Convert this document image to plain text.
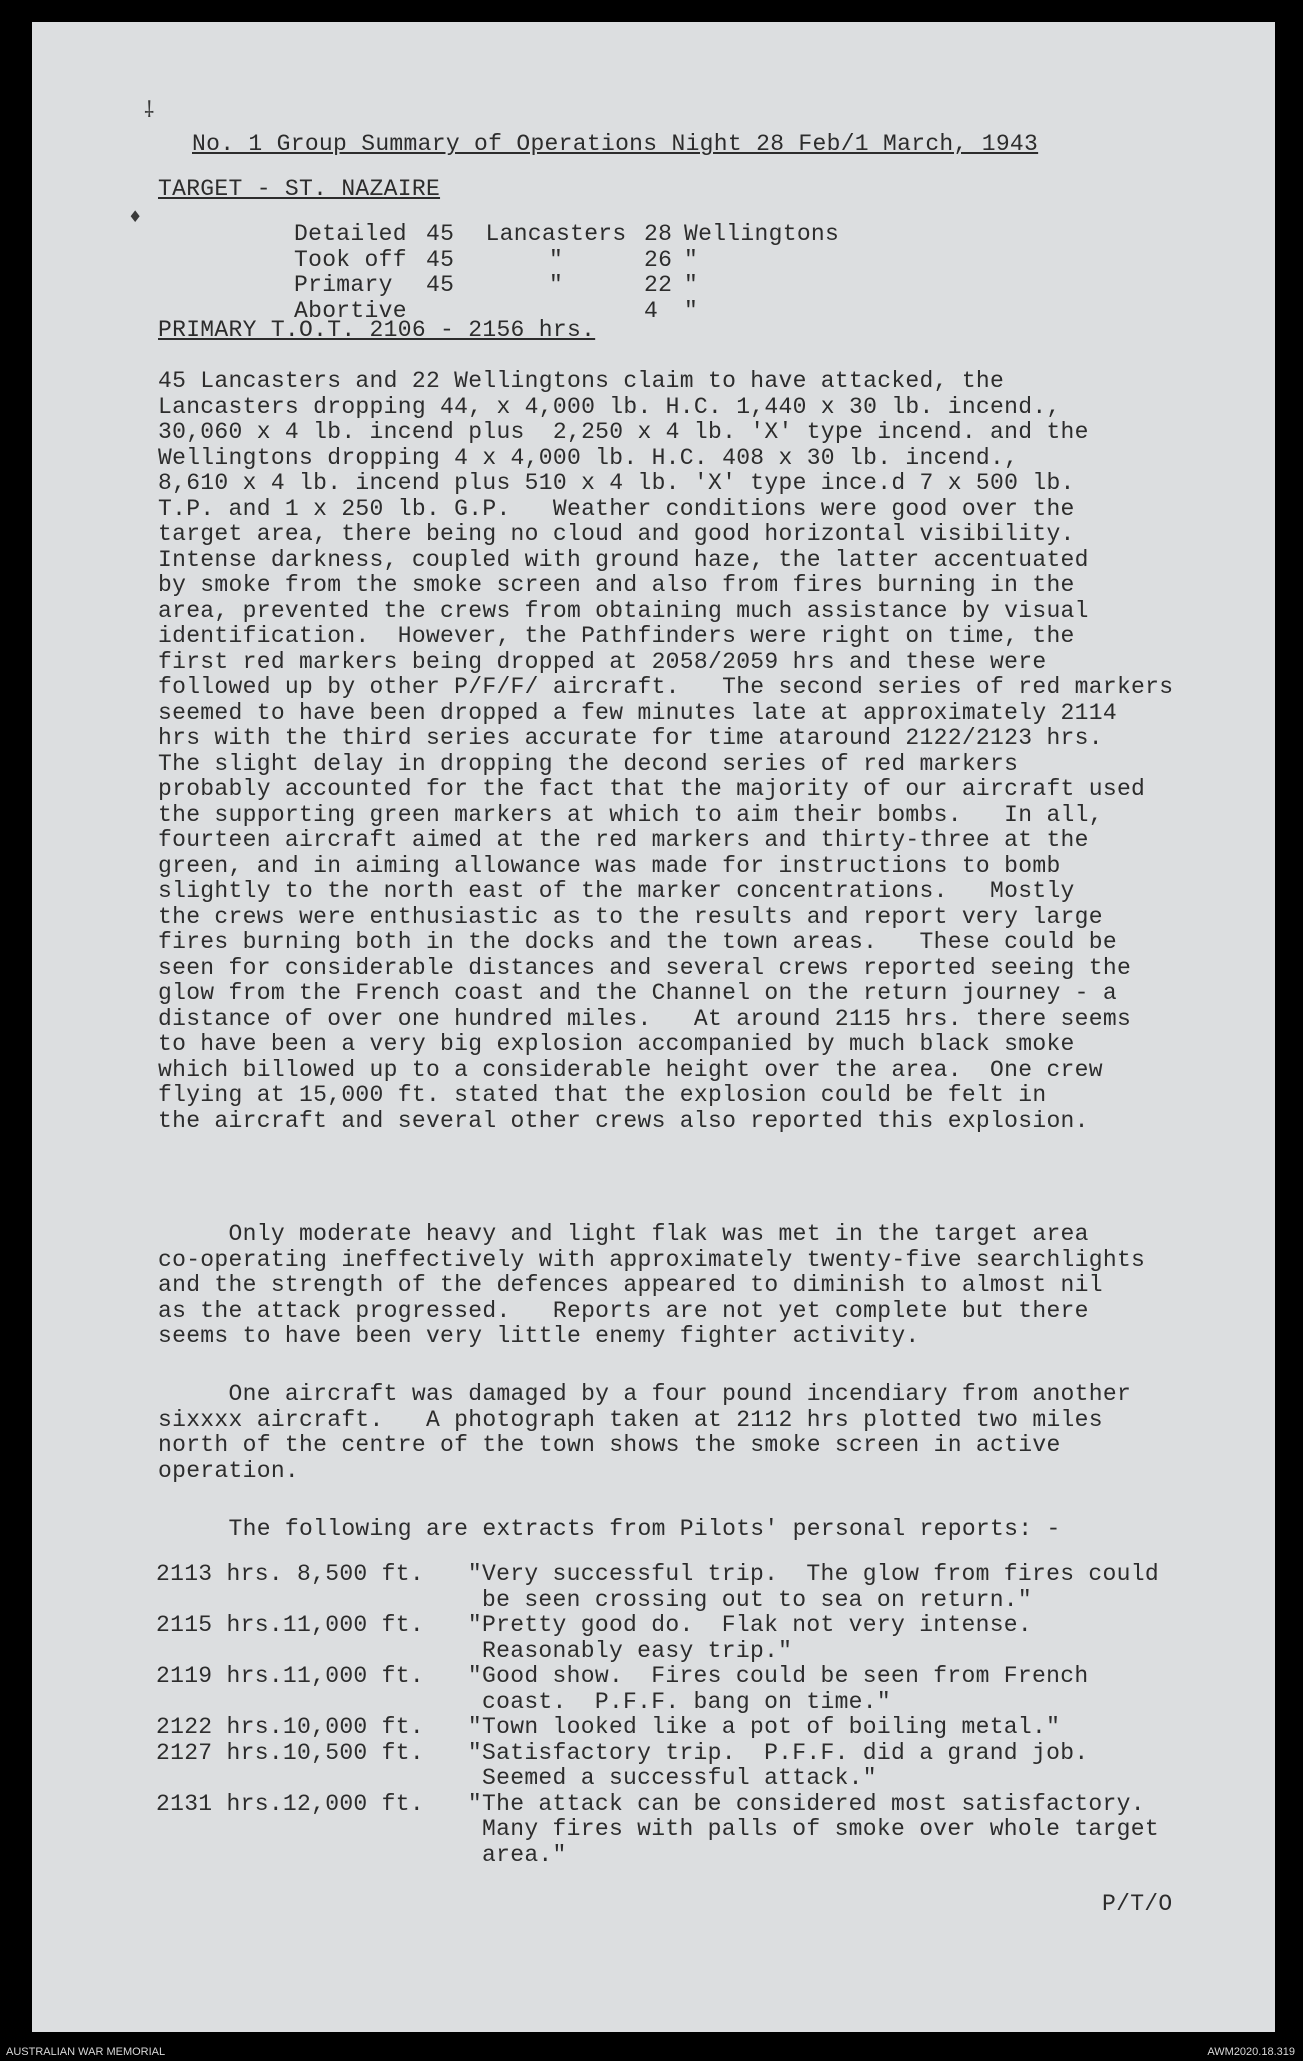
⸸
♦
No. 1 Group Summary of Operations Night 28 Feb/1 March, 1943
TARGET - ST. NAZAIRE
Detailed	45	Lancasters	28	Wellingtons
Took off	45	"	26	"
Primary	45	"	22	"
Abortive			4	"
PRIMARY T.O.T. 2106 - 2156 hrs.

45 Lancasters and 22 Wellingtons claim to have attacked, the
Lancasters dropping 44, x 4,000 lb. H.C. 1,440 x 30 lb. incend.,
30,060 x 4 lb. incend plus  2,250 x 4 lb. 'X' type incend. and the
Wellingtons dropping 4 x 4,000 lb. H.C. 408 x 30 lb. incend.,
8,610 x 4 lb. incend plus 510 x 4 lb. 'X' type ince.d 7 x 500 lb.
T.P. and 1 x 250 lb. G.P.   Weather conditions were good over the
target area, there being no cloud and good horizontal visibility.
Intense darkness, coupled with ground haze, the latter accentuated
by smoke from the smoke screen and also from fires burning in the
area, prevented the crews from obtaining much assistance by visual
identification.  However, the Pathfinders were right on time, the
first red markers being dropped at 2058/2059 hrs and these were
followed up by other P/F/F/ aircraft.   The second series of red markers
seemed to have been dropped a few minutes late at approximately 2114
hrs with the third series accurate for time ataround 2122/2123 hrs.
The slight delay in dropping the decond series of red markers
probably accounted for the fact that the majority of our aircraft used
the supporting green markers at which to aim their bombs.   In all,
fourteen aircraft aimed at the red markers and thirty-three at the
green, and in aiming allowance was made for instructions to bomb
slightly to the north east of the marker concentrations.   Mostly
the crews were enthusiastic as to the results and report very large
fires burning both in the docks and the town areas.   These could be
seen for considerable distances and several crews reported seeing the
glow from the French coast and the Channel on the return journey - a
distance of over one hundred miles.   At around 2115 hrs. there seems
to have been a very big explosion accompanied by much black smoke
which billowed up to a considerable height over the area.  One crew
flying at 15,000 ft. stated that the explosion could be felt in
the aircraft and several other crews also reported this explosion.

Only moderate heavy and light flak was met in the target area
co-operating ineffectively with approximately twenty-five searchlights
and the strength of the defences appeared to diminish to almost nil
as the attack progressed.   Reports are not yet complete but there
seems to have been very little enemy fighter activity.

One aircraft was damaged by a four pound incendiary from another
sixxxx aircraft.   A photograph taken at 2112 hrs plotted two miles
north of the centre of the town shows the smoke screen in active
operation.

The following are extracts from Pilots' personal reports: -

2113 hrs.	8,500 ft.	"Very successful trip.  The glow from fires could
be seen crossing out to sea on return."
2115 hrs.	11,000 ft.	"Pretty good do.  Flak not very intense.
Reasonably easy trip."
2119 hrs.	11,000 ft.	"Good show.  Fires could be seen from French
coast.  P.F.F. bang on time."
2122 hrs.	10,000 ft.	"Town looked like a pot of boiling metal."
2127 hrs.	10,500 ft.	"Satisfactory trip.  P.F.F. did a grand job.
Seemed a successful attack."
2131 hrs.	12,000 ft.	"The attack can be considered most satisfactory.
Many fires with palls of smoke over whole target
area."
P/T/O
AUSTRALIAN WAR MEMORIAL	AWM2020.18.319
